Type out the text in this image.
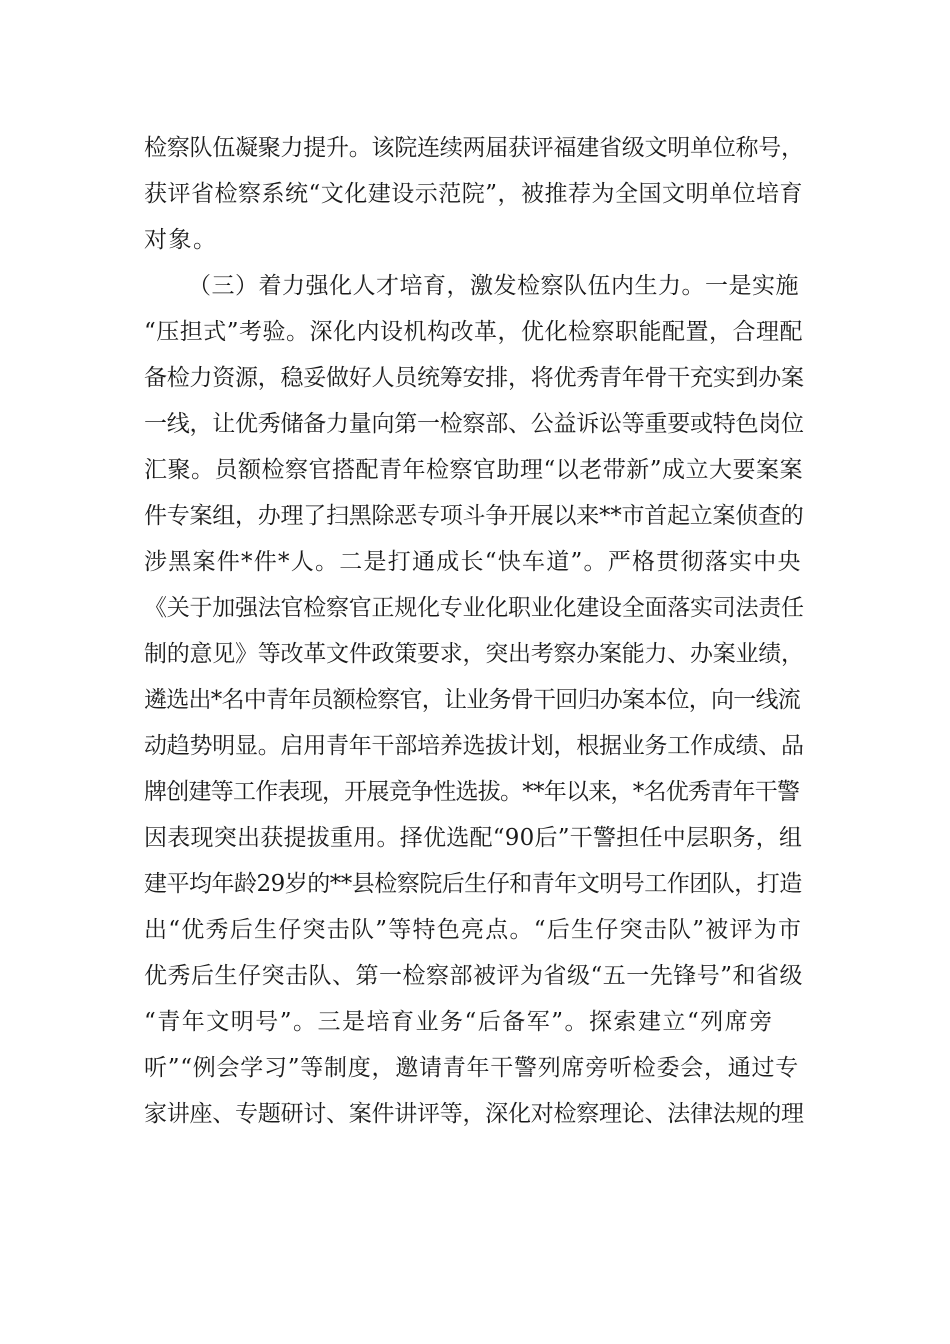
检察队伍凝聚力提升。该院连续两届获评福建省级文明单位称号，
获评省检察系统“文化建设示范院”，被推荐为全国文明单位培育
对象。
（三）着力强化人才培育，激发检察队伍内生力。一是实施
“压担式”考验。深化内设机构改革，优化检察职能配置，合理配
备检力资源，稳妥做好人员统筹安排，将优秀青年骨干充实到办案
一线，让优秀储备力量向第一检察部、公益诉讼等重要或特色岗位
汇聚。员额检察官搭配青年检察官助理“以老带新”成立大要案案
件专案组，办理了扫黑除恶专项斗争开展以来**市首起立案侦查的
涉黑案件*件*人。二是打通成长“快车道”。严格贯彻落实中央
《关于加强法官检察官正规化专业化职业化建设全面落实司法责任
制的意见》等改革文件政策要求，突出考察办案能力、办案业绩，
遴选出*名中青年员额检察官，让业务骨干回归办案本位，向一线流
动趋势明显。启用青年干部培养选拔计划，根据业务工作成绩、品
牌创建等工作表现，开展竞争性选拔。**年以来，*名优秀青年干警
因表现突出获提拔重用。择优选配“90后”干警担任中层职务，组
建平均年龄29岁的**县检察院后生仔和青年文明号工作团队，打造
出“优秀后生仔突击队”等特色亮点。“后生仔突击队”被评为市
优秀后生仔突击队、第一检察部被评为省级“五一先锋号”和省级
“青年文明号”。三是培育业务“后备军”。探索建立“列席旁
听”“例会学习”等制度，邀请青年干警列席旁听检委会，通过专
家讲座、专题研讨、案件讲评等，深化对检察理论、法律法规的理
